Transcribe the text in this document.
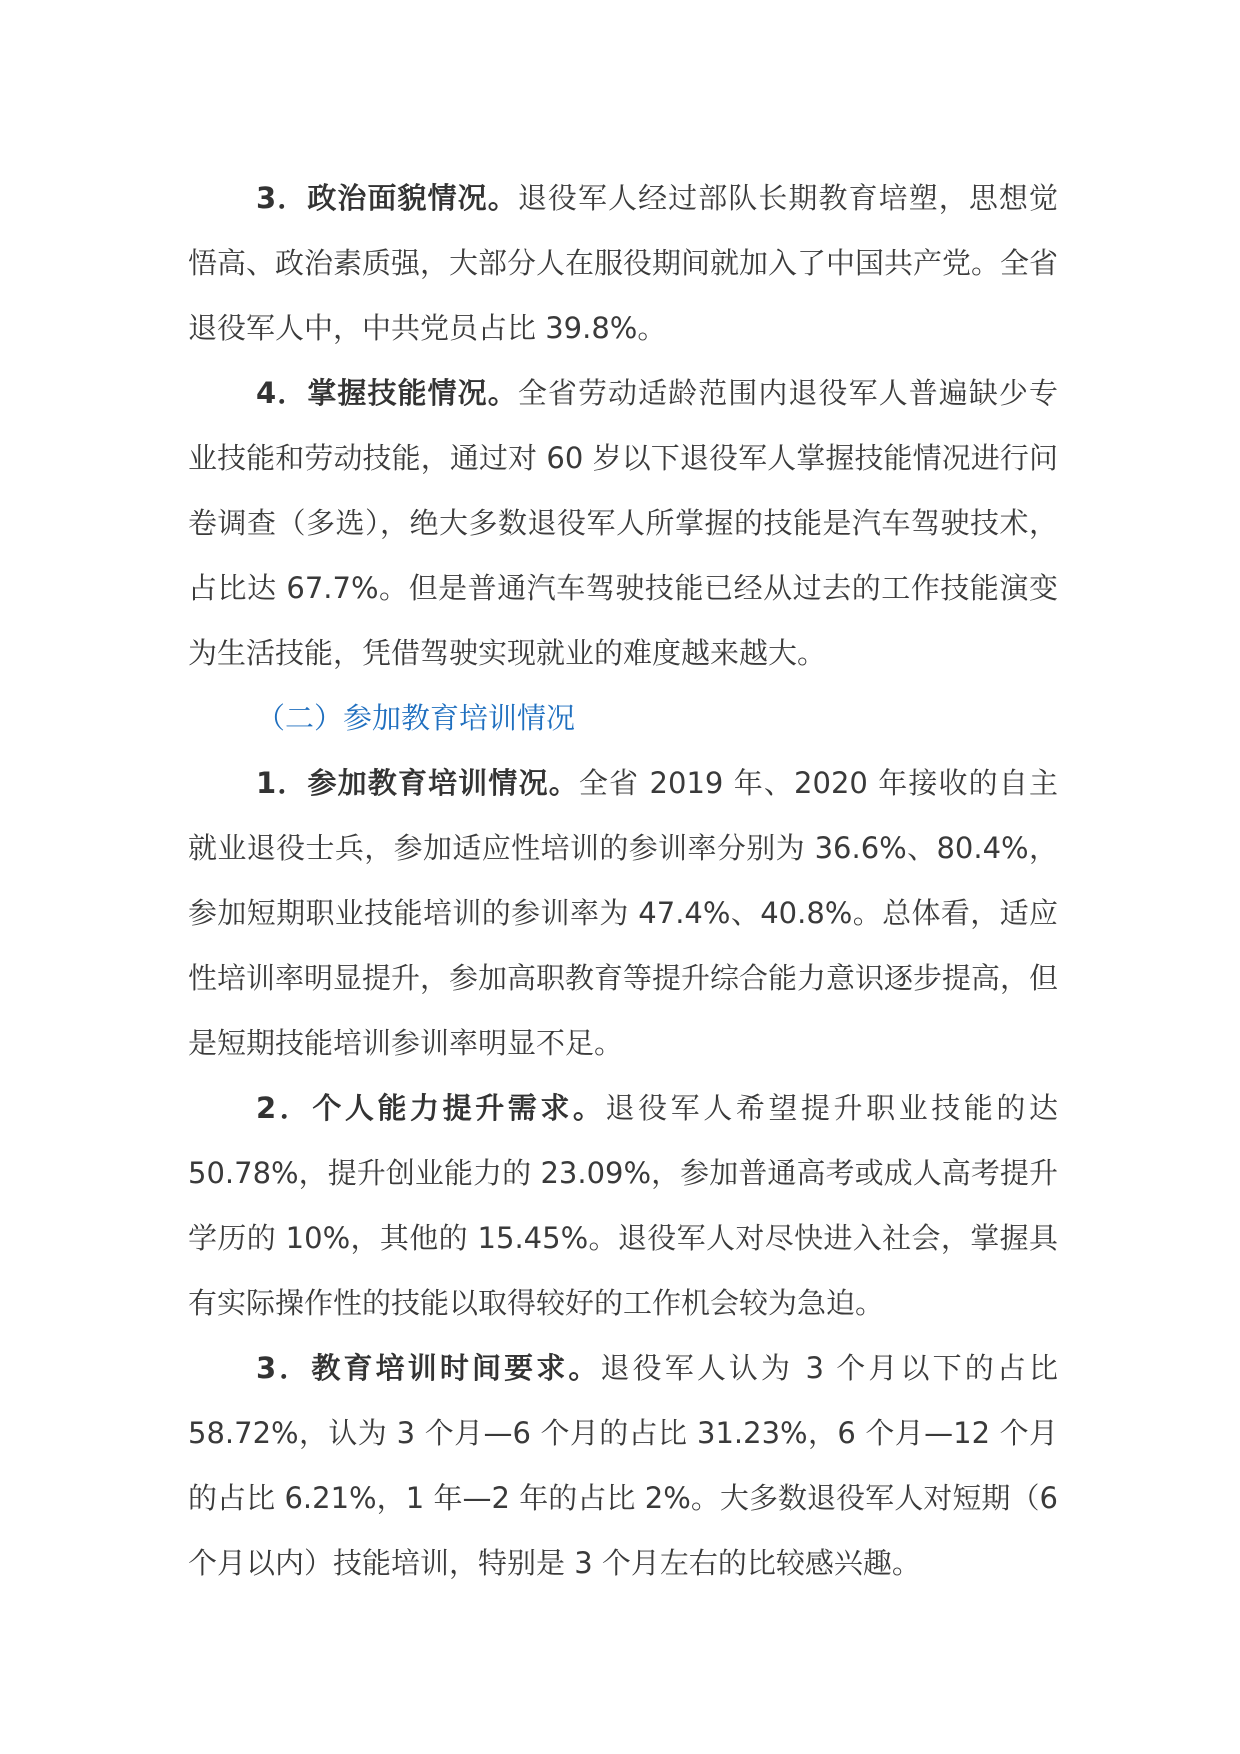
3．政治面貌情况。退役军人经过部队长期教育培塑，思想觉悟高、政治素质强，大部分人在服役期间就加入了中国共产党。全省退役军人中，中共党员占比 39.8%。

4．掌握技能情况。全省劳动适龄范围内退役军人普遍缺少专业技能和劳动技能，通过对 60 岁以下退役军人掌握技能情况进行问卷调查（多选），绝大多数退役军人所掌握的技能是汽车驾驶技术，占比达 67.7%。但是普通汽车驾驶技能已经从过去的工作技能演变为生活技能，凭借驾驶实现就业的难度越来越大。

（二）参加教育培训情况

1．参加教育培训情况。全省 2019 年、2020 年接收的自主就业退役士兵，参加适应性培训的参训率分别为 36.6%、80.4%，参加短期职业技能培训的参训率为 47.4%、40.8%。总体看，适应性培训率明显提升，参加高职教育等提升综合能力意识逐步提高，但是短期技能培训参训率明显不足。

2．个人能力提升需求。退役军人希望提升职业技能的达 50.78%，提升创业能力的 23.09%，参加普通高考或成人高考提升学历的 10%，其他的 15.45%。退役军人对尽快进入社会，掌握具有实际操作性的技能以取得较好的工作机会较为急迫。

3．教育培训时间要求。退役军人认为 3 个月以下的占比 58.72%，认为 3 个月—6 个月的占比 31.23%，6 个月—12 个月的占比 6.21%，1 年—2 年的占比 2%。大多数退役军人对短期（6 个月以内）技能培训，特别是 3 个月左右的比较感兴趣。
